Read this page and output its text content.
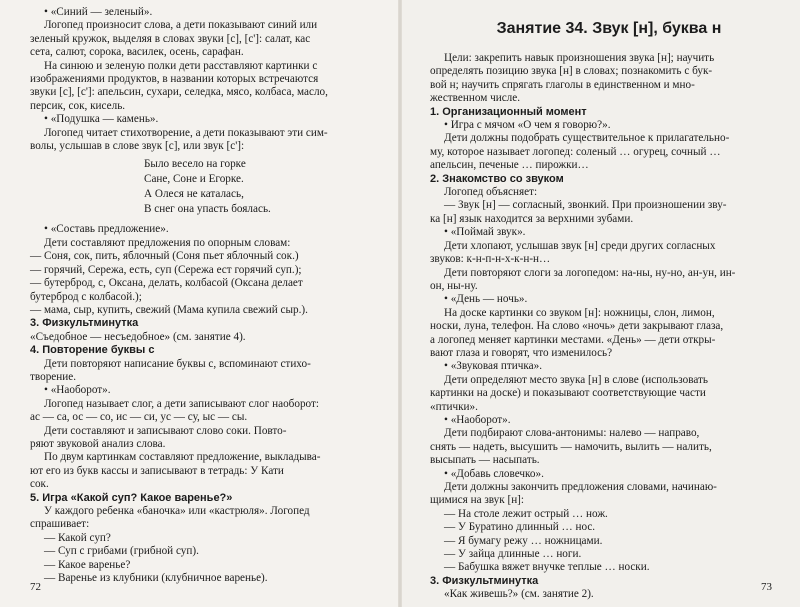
• «Синий — зеленый».
Логопед произносит слова, а дети показывают синий или
зеленый кружок, выделяя в словах звуки [с], [с']: салат, кас
сета, салют, сорока, василек, осень, сарафан.
На синюю и зеленую полки дети расставляют картинки с
изображениями продуктов, в названии которых встречаются
звуки [с], [с']: апельсин, сухари, селедка, мясо, колбаса, масло,
персик, сок, кисель.
• «Подушка — камень».
Логопед читает стихотворение, а дети показывают эти сим-
волы, услышав в слове звук [с], или звук [с']:
Было весело на горке
Сане, Соне и Егорке.
А Олеся не каталась,
В снег она упасть боялась.
• «Составь предложение».
Дети составляют предложения по опорным словам:
— Соня, сок, пить, яблочный (Соня пьет яблочный сок.)
— горячий, Сережа, есть, суп (Сережа ест горячий суп.);
— бутерброд, с, Оксана, делать, колбасой (Оксана делает
бутерброд с колбасой.);
— мама, сыр, купить, свежий (Мама купила свежий сыр.).
3. Физкультминутка
«Съедобное — несъедобное» (см. занятие 4).
4. Повторение буквы с
Дети повторяют написание буквы с, вспоминают стихо-
творение.
• «Наоборот».
Логопед называет слог, а дети записывают слог наоборот:
ас — са, ос — со, ис — си, ус — су, ыс — сы.
Дети составляют и записывают слово соки. Повто-
ряют звуковой анализ слова.
По двум картинкам составляют предложение, выкладыва-
ют его из букв кассы и записывают в тетрадь: У Кати
сок.
5. Игра «Какой суп? Какое варенье?»
У каждого ребенка «баночка» или «кастрюля». Логопед
спрашивает:
— Какой суп?
— Суп с грибами (грибной суп).
— Какое варенье?
— Варенье из клубники (клубничное варенье).
72
Занятие 34. Звук [н], буква н
Цели: закрепить навык произношения звука [н]; научить
определять позицию звука [н] в словах; познакомить с бук-
вой н; научить спрягать глаголы в единственном и мно-
жественном числе.
1. Организационный момент
• Игра с мячом «О чем я говорю?».
Дети должны подобрать существительное к прилагательно-
му, которое называет логопед: соленый … огурец, сочный …
апельсин, печеные … пирожки…
2. Знакомство со звуком
Логопед объясняет:
— Звук [н] — согласный, звонкий. При произношении зву-
ка [н] язык находится за верхними зубами.
• «Поймай звук».
Дети хлопают, услышав звук [н] среди других согласных
звуков: к-н-п-н-х-к-н-н…
Дети повторяют слоги за логопедом: на-ны, ну-но, ан-ун, ин-
он, ны-ну.
• «День — ночь».
На доске картинки со звуком [н]: ножницы, слон, лимон,
носки, луна, телефон. На слово «ночь» дети закрывают глаза,
а логопед меняет картинки местами. «День» — дети откры-
вают глаза и говорят, что изменилось?
• «Звуковая птичка».
Дети определяют место звука [н] в слове (использовать
картинки на доске) и показывают соответствующие части
«птички».
• «Наоборот».
Дети подбирают слова-антонимы: налево — направо,
снять — надеть, высушить — намочить, вылить — налить,
высыпать — насыпать.
• «Добавь словечко».
Дети должны закончить предложения словами, начинаю-
щимися на звук [н]:
— На столе лежит острый … нож.
— У Буратино длинный … нос.
— Я бумагу режу … ножницами.
— У зайца длинные … ноги.
— Бабушка вяжет внучке теплые … носки.
3. Физкультминутка
«Как живешь?» (см. занятие 2).
73
